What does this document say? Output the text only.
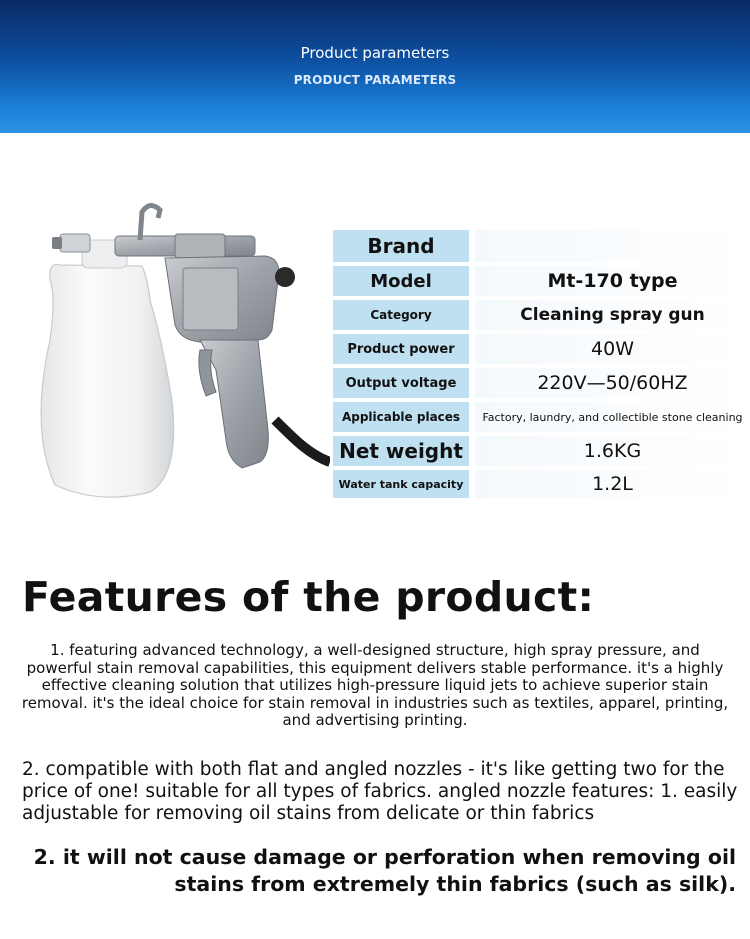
Product parameters
PRODUCT PARAMETERS
Brand
Model	Mt-170 type
Category	Cleaning spray gun
Product power	40W
Output voltage	220V—50/60HZ
Applicable places	Factory, laundry, and collectible stone cleaning
Net weight	1.6KG
Water tank capacity	1.2L
Features of the product:
1. featuring advanced technology, a well-designed structure, high spray pressure, and powerful stain removal capabilities, this equipment delivers stable performance. it's a highly effective cleaning solution that utilizes high-pressure liquid jets to achieve superior stain removal. it's the ideal choice for stain removal in industries such as textiles, apparel, printing, and advertising printing.
2. compatible with both flat and angled nozzles - it's like getting two for the price of one! suitable for all types of fabrics. angled nozzle features: 1. easily adjustable for removing oil stains from delicate or thin fabrics
2. it will not cause damage or perforation when removing oil stains from extremely thin fabrics (such as silk).
